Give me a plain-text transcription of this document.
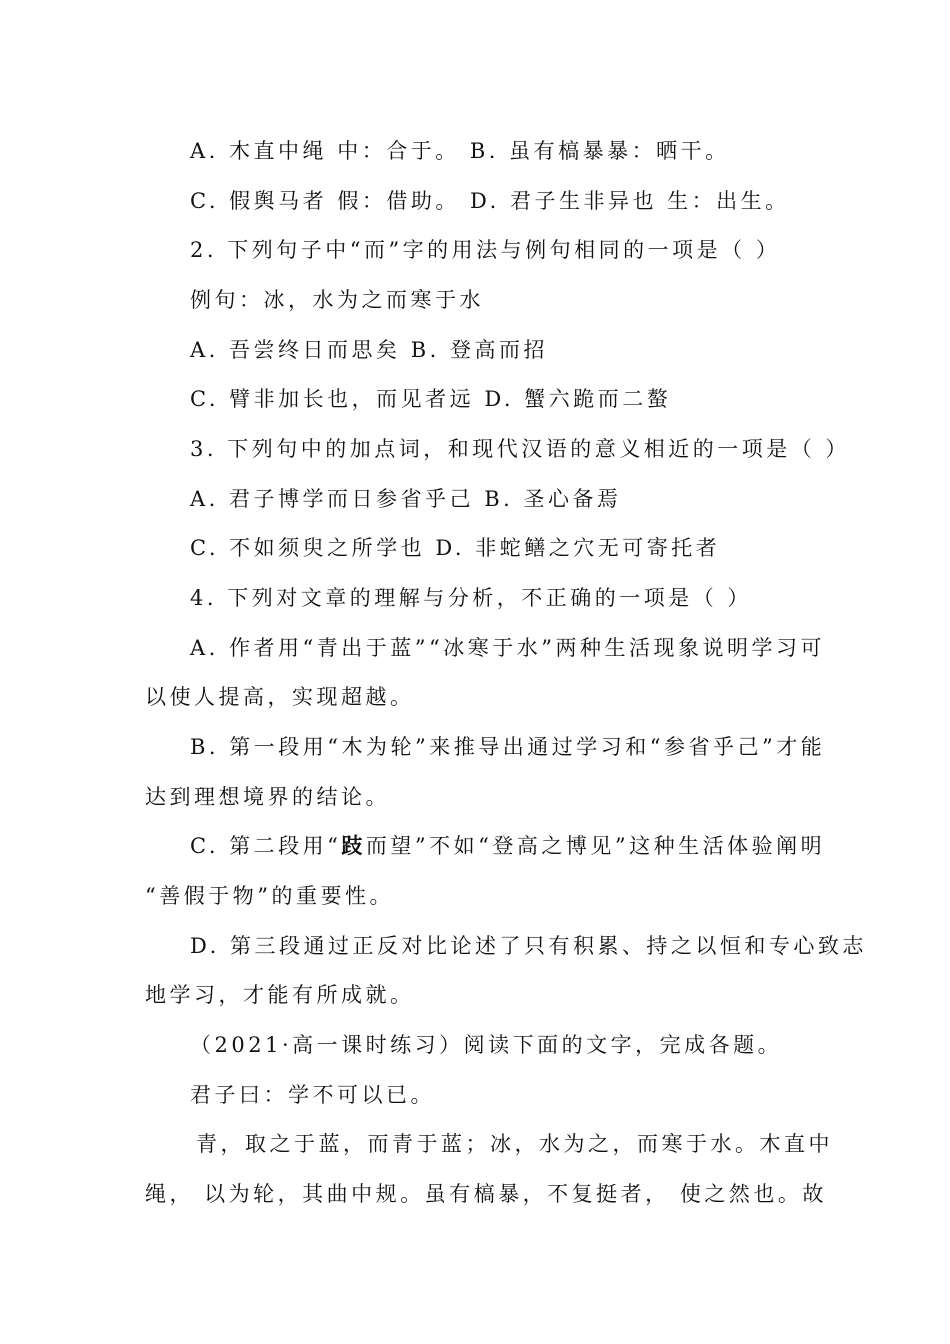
A. 木直中绳 中：合于。 B. 虽有槁暴暴：晒干。
C. 假舆马者 假：借助。 D. 君子生非异也 生：出生。
2. 下列句子中“而”字的用法与例句相同的一项是（ ）
例句：冰，水为之而寒于水
A. 吾尝终日而思矣 B. 登高而招
C. 臂非加长也，而见者远 D. 蟹六跪而二螯
3. 下列句中的加点词，和现代汉语的意义相近的一项是（ ）
A. 君子博学而日参省乎己 B. 圣心备焉
C. 不如须臾之所学也 D. 非蛇鳝之穴无可寄托者
4. 下列对文章的理解与分析，不正确的一项是（ ）
A. 作者用“青出于蓝”“冰寒于水”两种生活现象说明学习可
以使人提高，实现超越。
B. 第一段用“木为轮”来推导出通过学习和“参省乎己”才能
达到理想境界的结论。
C. 第二段用“跂而望”不如“登高之博见”这种生活体验阐明
“善假于物”的重要性。
D. 第三段通过正反对比论述了只有积累、持之以恒和专心致志
地学习，才能有所成就。
（2021·高一课时练习）阅读下面的文字，完成各题。
君子曰：学不可以已。
青，取之于蓝，而青于蓝；冰，水为之，而寒于水。木直中
绳， 以为轮，其曲中规。虽有槁暴，不复挺者， 使之然也。故
